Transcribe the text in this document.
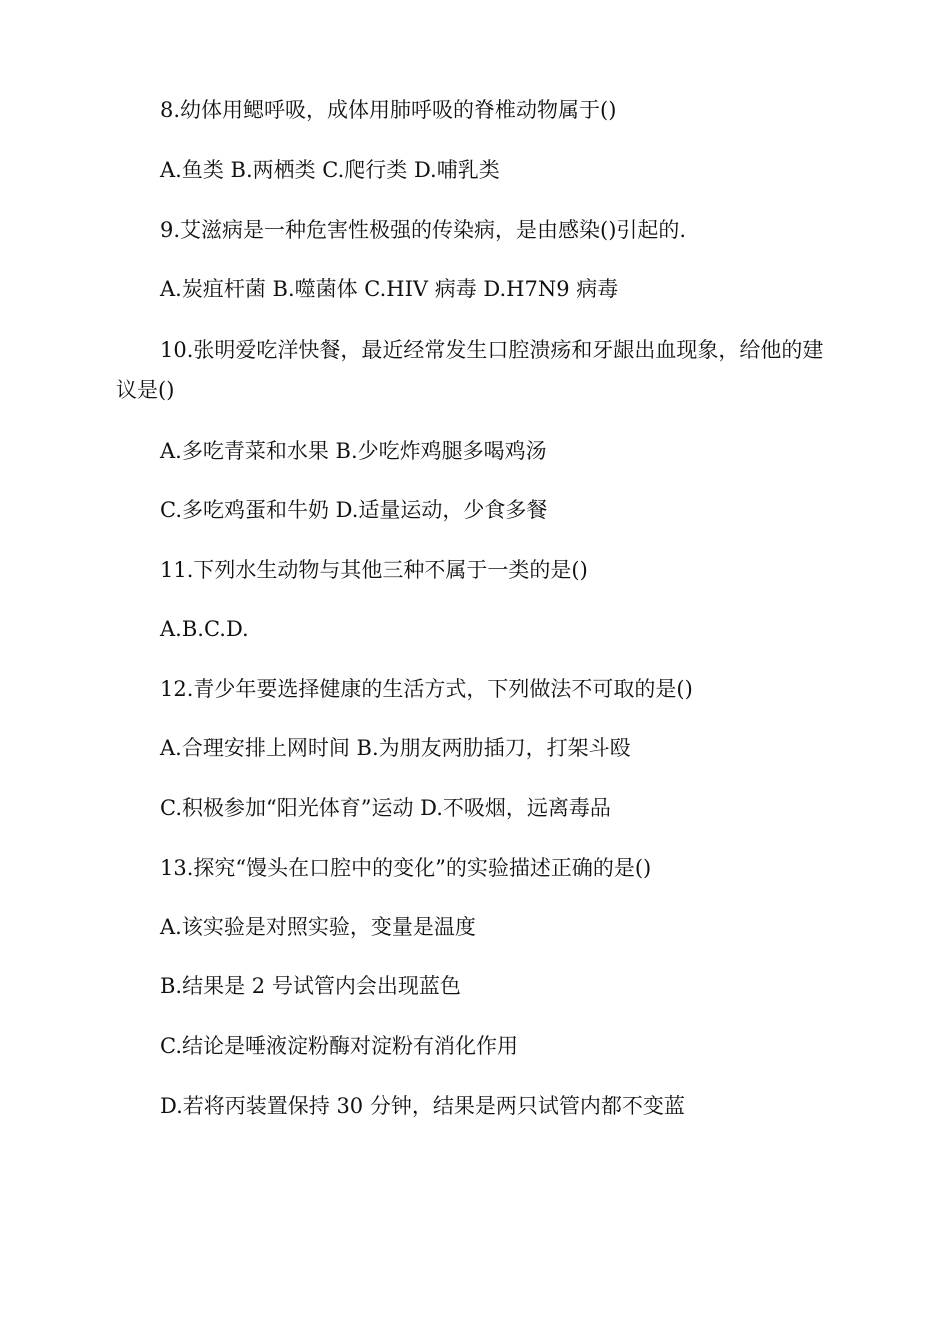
8.幼体用鳃呼吸，成体用肺呼吸的脊椎动物属于()
A.鱼类 B.两栖类 C.爬行类 D.哺乳类
9.艾滋病是一种危害性极强的传染病，是由感染()引起的.
A.炭疽杆菌 B.噬菌体 C.HIV 病毒 D.H7N9 病毒
10.张明爱吃洋快餐，最近经常发生口腔溃疡和牙龈出血现象，给他的建议是()
A.多吃青菜和水果 B.少吃炸鸡腿多喝鸡汤
C.多吃鸡蛋和牛奶 D.适量运动，少食多餐
11.下列水生动物与其他三种不属于一类的是()
A.B.C.D.
12.青少年要选择健康的生活方式，下列做法不可取的是()
A.合理安排上网时间 B.为朋友两肋插刀，打架斗殴
C.积极参加“阳光体育”运动 D.不吸烟，远离毒品
13.探究“馒头在口腔中的变化”的实验描述正确的是()
A.该实验是对照实验，变量是温度
B.结果是 2 号试管内会出现蓝色
C.结论是唾液淀粉酶对淀粉有消化作用
D.若将丙装置保持 30 分钟，结果是两只试管内都不变蓝
